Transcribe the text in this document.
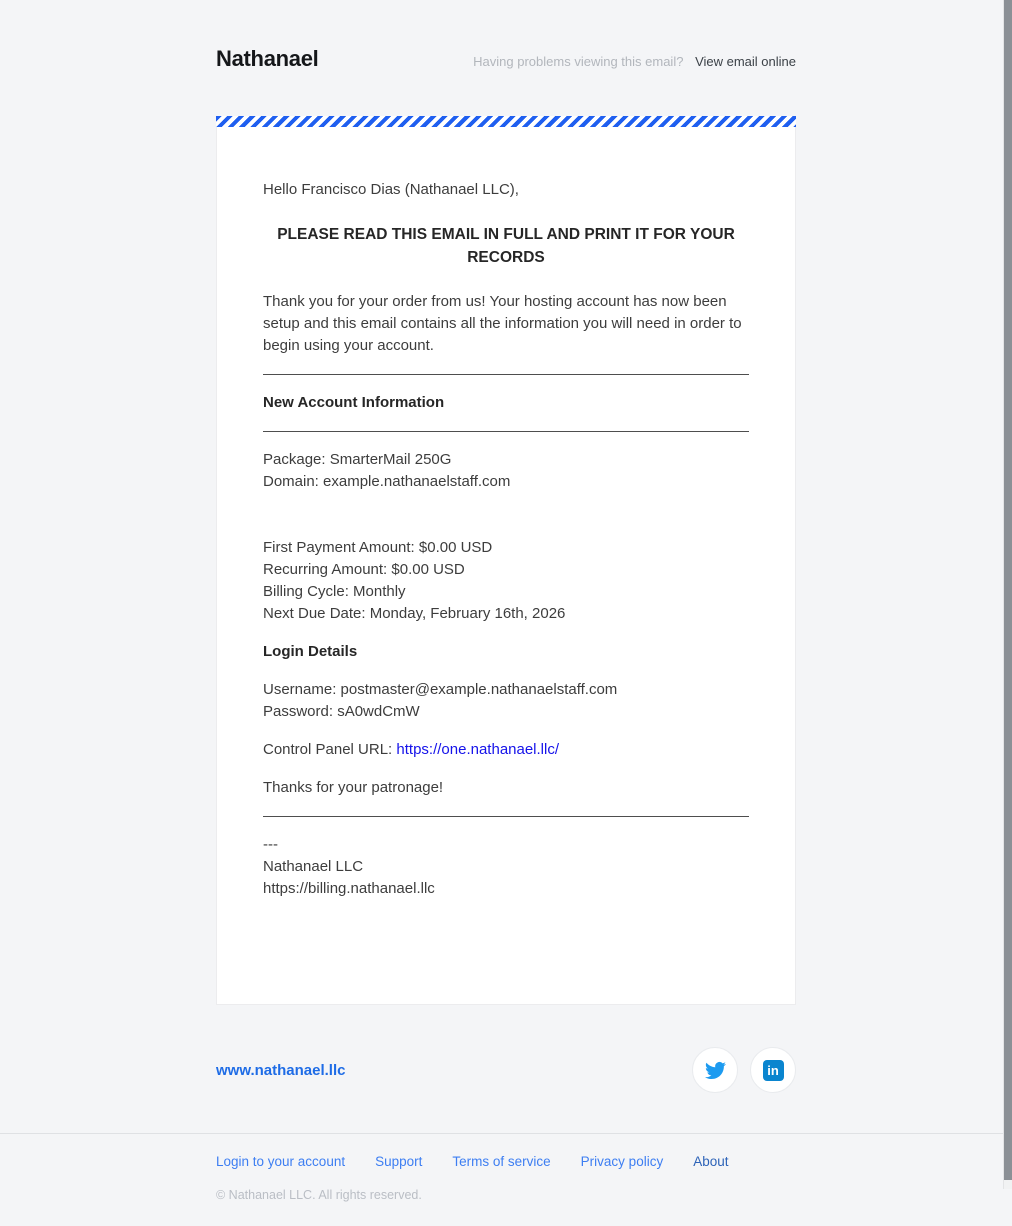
Nathanael	Having problems viewing this email? View email online

Hello Francisco Dias (Nathanael LLC),

PLEASE READ THIS EMAIL IN FULL AND PRINT IT FOR YOUR RECORDS

Thank you for your order from us! Your hosting account has now been setup and this email contains all the information you will need in order to begin using your account.

New Account Information

Package: SmarterMail 250G
Domain: example.nathanaelstaff.com
First Payment Amount: $0.00 USD
Recurring Amount: $0.00 USD
Billing Cycle: Monthly
Next Due Date: Monday, February 16th, 2026

Login Details

Username: postmaster@example.nathanaelstaff.com
Password: sA0wdCmW

Control Panel URL: https://one.nathanael.llc/

Thanks for your patronage!

---
Nathanael LLC
https://billing.nathanael.llc
www.nathanael.llc	in
Login to your account Support Terms of service Privacy policy About
© Nathanael LLC. All rights reserved.
